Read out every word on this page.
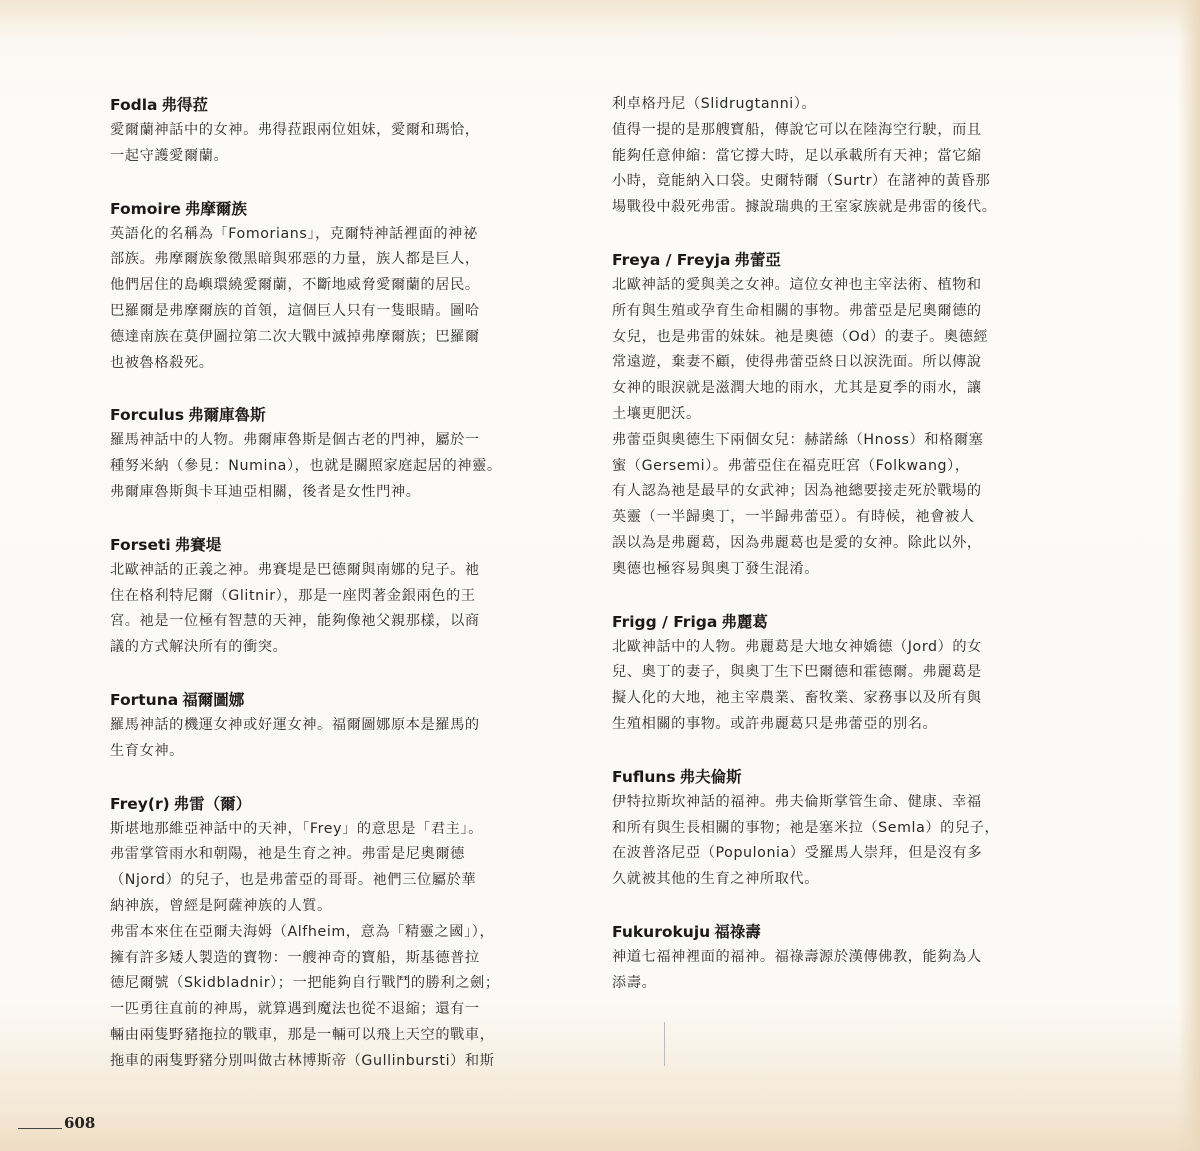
Fodla 弗得菈

愛爾蘭神話中的女神。弗得菈跟兩位姐妹，愛爾和瑪恰，

一起守護愛爾蘭。

Fomoire 弗摩爾族

英語化的名稱為「Fomorians」，克爾特神話裡面的神祕

部族。弗摩爾族象徵黑暗與邪惡的力量，族人都是巨人，

他們居住的島嶼環繞愛爾蘭，不斷地威脅愛爾蘭的居民。

巴羅爾是弗摩爾族的首領，這個巨人只有一隻眼睛。圖哈

德達南族在莫伊圖拉第二次大戰中滅掉弗摩爾族；巴羅爾

也被魯格殺死。

Forculus 弗爾庫魯斯

羅馬神話中的人物。弗爾庫魯斯是個古老的門神，屬於一

種努米納（參見：Numina），也就是關照家庭起居的神靈。

弗爾庫魯斯與卡耳迪亞相關，後者是女性門神。

Forseti 弗賽堤

北歐神話的正義之神。弗賽堤是巴德爾與南娜的兒子。祂

住在格利特尼爾（Glitnir），那是一座閃著金銀兩色的王

宮。祂是一位極有智慧的天神，能夠像祂父親那樣，以商

議的方式解決所有的衝突。

Fortuna 福爾圖娜

羅馬神話的機運女神或好運女神。福爾圖娜原本是羅馬的

生育女神。

Frey(r) 弗雷（爾）

斯堪地那維亞神話中的天神，「Frey」的意思是「君主」。

弗雷掌管雨水和朝陽，祂是生育之神。弗雷是尼奧爾德

（Njord）的兒子，也是弗蕾亞的哥哥。祂們三位屬於華

納神族，曾經是阿薩神族的人質。

弗雷本來住在亞爾夫海姆（Alfheim，意為「精靈之國」），

擁有許多矮人製造的寶物：一艘神奇的寶船，斯基德普拉

德尼爾號（Skidbladnir）；一把能夠自行戰鬥的勝利之劍；

一匹勇往直前的神馬，就算遇到魔法也從不退縮；還有一

輛由兩隻野豬拖拉的戰車，那是一輛可以飛上天空的戰車，

拖車的兩隻野豬分別叫做古林博斯帝（Gullinbursti）和斯

利卓格丹尼（Slidrugtanni）。

值得一提的是那艘寶船，傳說它可以在陸海空行駛，而且

能夠任意伸縮：當它撐大時，足以承載所有天神；當它縮

小時，竟能納入口袋。史爾特爾（Surtr）在諸神的黃昏那

場戰役中殺死弗雷。據說瑞典的王室家族就是弗雷的後代。

Freya / Freyja 弗蕾亞

北歐神話的愛與美之女神。這位女神也主宰法術、植物和

所有與生殖或孕育生命相關的事物。弗蕾亞是尼奧爾德的

女兒，也是弗雷的妹妹。祂是奧德（Od）的妻子。奧德經

常遠遊，棄妻不顧，使得弗蕾亞終日以淚洗面。所以傳說

女神的眼淚就是滋潤大地的雨水，尤其是夏季的雨水，讓

土壤更肥沃。

弗蕾亞與奧德生下兩個女兒：赫諾絲（Hnoss）和格爾塞

蜜（Gersemi）。弗蕾亞住在福克旺宮（Folkwang），

有人認為祂是最早的女武神；因為祂總要接走死於戰場的

英靈（一半歸奧丁，一半歸弗蕾亞）。有時候，祂會被人

誤以為是弗麗葛，因為弗麗葛也是愛的女神。除此以外，

奧德也極容易與奧丁發生混淆。

Frigg / Friga 弗麗葛

北歐神話中的人物。弗麗葛是大地女神嬌德（Jord）的女

兒、奧丁的妻子，與奧丁生下巴爾德和霍德爾。弗麗葛是

擬人化的大地，祂主宰農業、畜牧業、家務事以及所有與

生殖相關的事物。或許弗麗葛只是弗蕾亞的別名。

Fufluns 弗夫倫斯

伊特拉斯坎神話的福神。弗夫倫斯掌管生命、健康、幸福

和所有與生長相關的事物；祂是塞米拉（Semla）的兒子，

在波普洛尼亞（Populonia）受羅馬人崇拜，但是沒有多

久就被其他的生育之神所取代。

Fukurokuju 福祿壽

神道七福神裡面的福神。福祿壽源於漢傳佛教，能夠為人

添壽。

608
